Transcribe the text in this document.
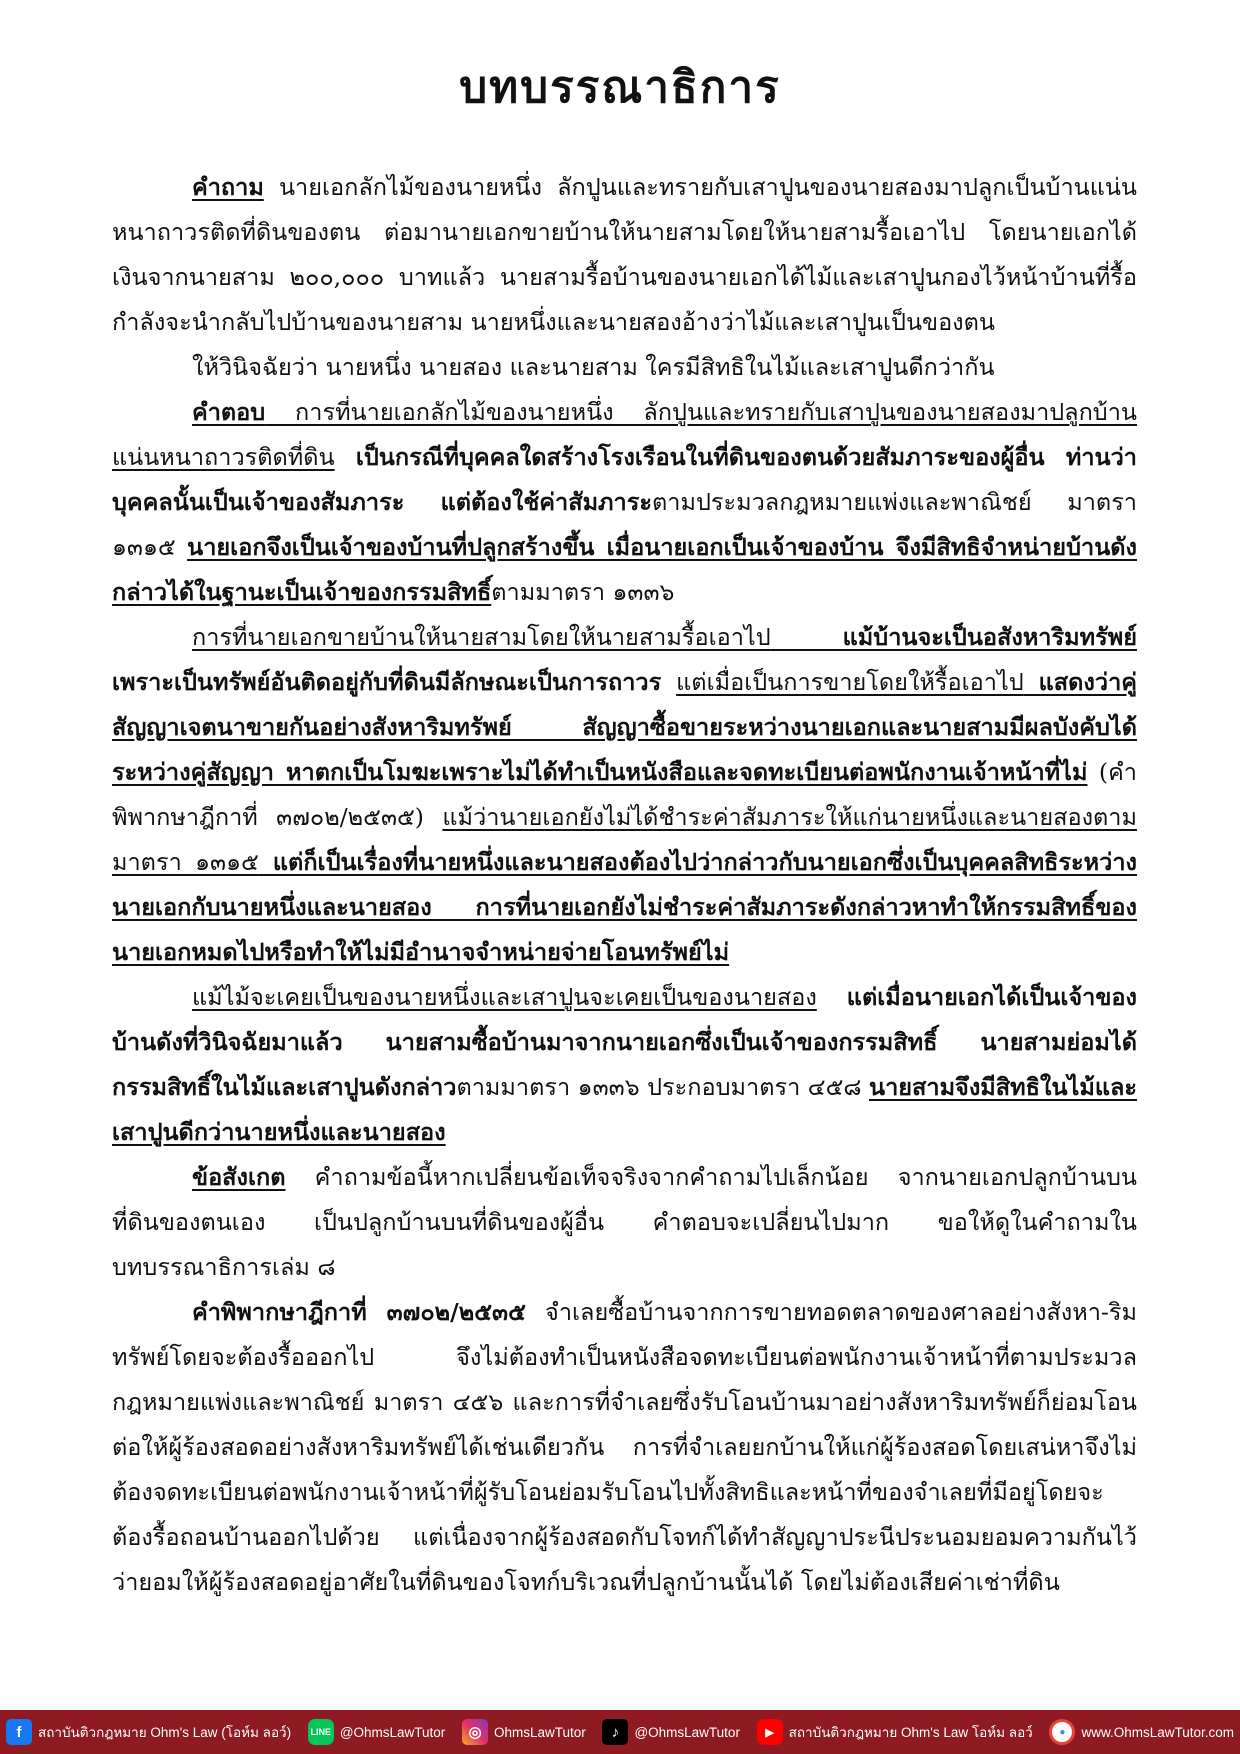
บทบรรณาธิการ

คำถาม นายเอกลักไม้ของนายหนึ่ง ลักปูนและทรายกับเสาปูนของนายสองมาปลูกเป็นบ้านแน่นหนาถาวรติดที่ดินของตน ต่อมานายเอกขายบ้านให้นายสามโดยให้นายสามรื้อเอาไป โดยนายเอกได้เงินจากนายสาม ๒๐๐,๐๐๐ บาทแล้ว นายสามรื้อบ้านของนายเอกได้ไม้และเสาปูนกองไว้หน้าบ้านที่รื้อ กำลังจะนำกลับไปบ้านของนายสาม นายหนึ่งและนายสองอ้างว่าไม้และเสาปูนเป็นของตน

ให้วินิจฉัยว่า นายหนึ่ง นายสอง และนายสาม ใครมีสิทธิในไม้และเสาปูนดีกว่ากัน

คำตอบ การที่นายเอกลักไม้ของนายหนึ่ง ลักปูนและทรายกับเสาปูนของนายสองมาปลูกบ้านแน่นหนาถาวรติดที่ดิน เป็นกรณีที่บุคคลใดสร้างโรงเรือนในที่ดินของตนด้วยสัมภาระของผู้อื่น ท่านว่าบุคคลนั้นเป็นเจ้าของสัมภาระ แต่ต้องใช้ค่าสัมภาระตามประมวลกฎหมายแพ่งและพาณิชย์ มาตรา ๑๓๑๕ นายเอกจึงเป็นเจ้าของบ้านที่ปลูกสร้างขึ้น เมื่อนายเอกเป็นเจ้าของบ้าน จึงมีสิทธิจำหน่ายบ้านดังกล่าวได้ในฐานะเป็นเจ้าของกรรมสิทธิ์ตามมาตรา ๑๓๓๖

การที่นายเอกขายบ้านให้นายสามโดยให้นายสามรื้อเอาไป แม้บ้านจะเป็นอสังหาริมทรัพย์ เพราะเป็นทรัพย์อันติดอยู่กับที่ดินมีลักษณะเป็นการถาวร แต่เมื่อเป็นการขายโดยให้รื้อเอาไป แสดงว่าคู่สัญญาเจตนาขายกันอย่างสังหาริมทรัพย์ สัญญาซื้อขายระหว่างนายเอกและนายสามมีผลบังคับได้ระหว่างคู่สัญญา หาตกเป็นโมฆะเพราะไม่ได้ทำเป็นหนังสือและจดทะเบียนต่อพนักงานเจ้าหน้าที่ไม่ (คำพิพากษาฎีกาที่ ๓๗๐๒/๒๕๓๕) แม้ว่านายเอกยังไม่ได้ชำระค่าสัมภาระให้แก่นายหนึ่งและนายสองตามมาตรา ๑๓๑๕ แต่ก็เป็นเรื่องที่นายหนึ่งและนายสองต้องไปว่ากล่าวกับนายเอกซึ่งเป็นบุคคลสิทธิระหว่างนายเอกกับนายหนึ่งและนายสอง การที่นายเอกยังไม่ชำระค่าสัมภาระดังกล่าวหาทำให้กรรมสิทธิ์ของนายเอกหมดไปหรือทำให้ไม่มีอำนาจจำหน่ายจ่ายโอนทรัพย์ไม่

แม้ไม้จะเคยเป็นของนายหนึ่งและเสาปูนจะเคยเป็นของนายสอง แต่เมื่อนายเอกได้เป็นเจ้าของบ้านดังที่วินิจฉัยมาแล้ว นายสามซื้อบ้านมาจากนายเอกซึ่งเป็นเจ้าของกรรมสิทธิ์ นายสามย่อมได้กรรมสิทธิ์ในไม้และเสาปูนดังกล่าวตามมาตรา ๑๓๓๖ ประกอบมาตรา ๔๕๘ นายสามจึงมีสิทธิในไม้และเสาปูนดีกว่านายหนึ่งและนายสอง

ข้อสังเกต คำถามข้อนี้หากเปลี่ยนข้อเท็จจริงจากคำถามไปเล็กน้อย จากนายเอกปลูกบ้านบนที่ดินของตนเอง เป็นปลูกบ้านบนที่ดินของผู้อื่น คำตอบจะเปลี่ยนไปมาก ขอให้ดูในคำถามในบทบรรณาธิการเล่ม ๘

คำพิพากษาฎีกาที่ ๓๗๐๒/๒๕๓๕ จำเลยซื้อบ้านจากการขายทอดตลาดของศาลอย่างสังหา-ริมทรัพย์โดยจะต้องรื้อออกไป จึงไม่ต้องทำเป็นหนังสือจดทะเบียนต่อพนักงานเจ้าหน้าที่ตามประมวลกฎหมายแพ่งและพาณิชย์ มาตรา ๔๕๖ และการที่จำเลยซึ่งรับโอนบ้านมาอย่างสังหาริมทรัพย์ก็ย่อมโอนต่อให้ผู้ร้องสอดอย่างสังหาริมทรัพย์ได้เช่นเดียวกัน การที่จำเลยยกบ้านให้แก่ผู้ร้องสอดโดยเสน่หาจึงไม่ต้องจดทะเบียนต่อพนักงานเจ้าหน้าที่ผู้รับโอนย่อมรับโอนไปทั้งสิทธิและหน้าที่ของจำเลยที่มีอยู่โดยจะต้องรื้อถอนบ้านออกไปด้วย แต่เนื่องจากผู้ร้องสอดกับโจทก์ได้ทำสัญญาประนีประนอมยอมความกันไว้ว่ายอมให้ผู้ร้องสอดอยู่อาศัยในที่ดินของโจทก์บริเวณที่ปลูกบ้านนั้นได้ โดยไม่ต้องเสียค่าเช่าที่ดิน

f	สถาบันติวกฎหมาย Ohm's Law (โอห์ม ลอว์)	LINE @OhmsLawTutor	◎ OhmsLawTutor	♪	@OhmsLawTutor	▶	สถาบันติวกฎหมาย Ohm's Law โอห์ม ลอว์	●	www.OhmsLawTutor.com
